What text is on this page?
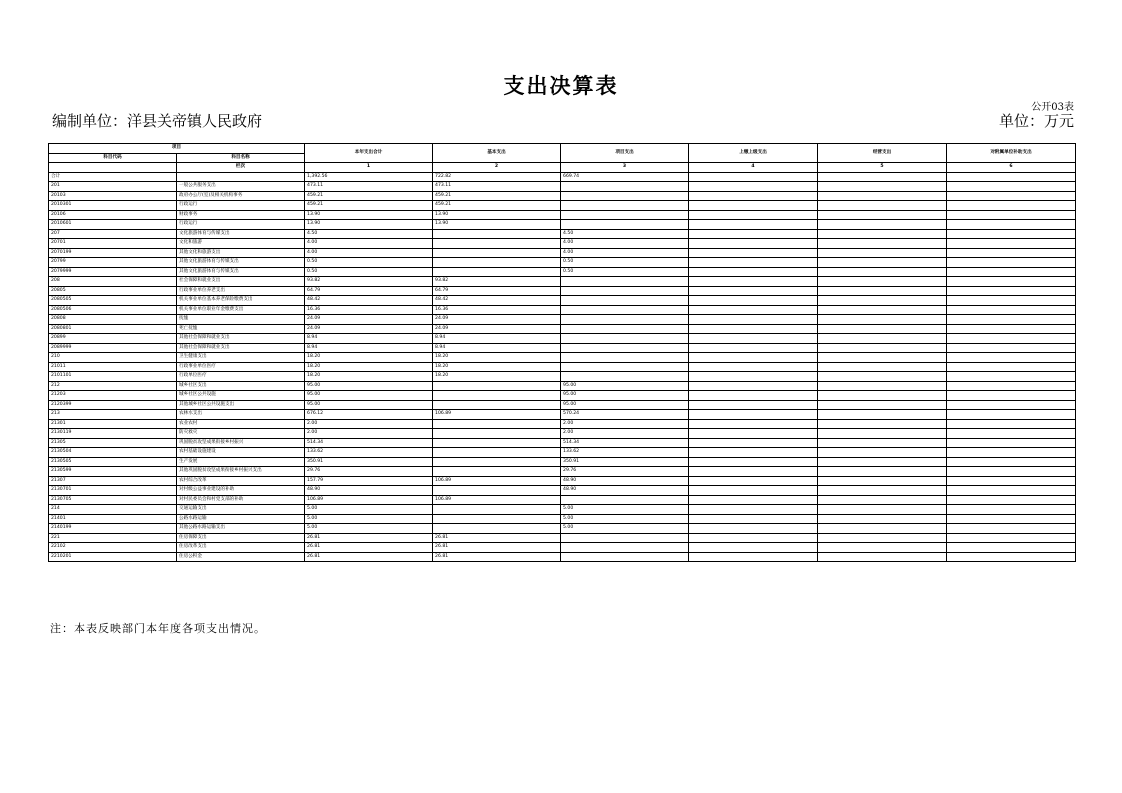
支出决算表
公开03表
编制单位：洋县关帝镇人民政府	单位：万元
项目		本年支出合计	基本支出	项目支出	上缴上级支出	经营支出	对附属单位补助支出
科目代码	科目名称						
	栏次	1	2	3	4	5	6
合计		1,392.56	722.82	669.74			
201	一般公共服务支出	473.11	473.11				
20103	政府办公厅(室)及相关机构事务	459.21	459.21				
2010301	行政运行	459.21	459.21				
20106	财政事务	13.90	13.90				
2010601	行政运行	13.90	13.90				
207	文化旅游体育与传媒支出	4.50		4.50			
20701	文化和旅游	4.00		4.00			
2070199	其他文化和旅游支出	4.00		4.00			
20799	其他文化旅游体育与传媒支出	0.50		0.50			
2079999	其他文化旅游体育与传媒支出	0.50		0.50			
208	社会保障和就业支出	93.82	93.82				
20805	行政事业单位养老支出	64.79	64.79				
2080505	机关事业单位基本养老保险缴费支出	48.42	48.42				
2080506	机关事业单位职业年金缴费支出	16.36	16.36				
20808	抚恤	24.09	24.09				
2080801	死亡抚恤	24.09	24.09				
20899	其他社会保障和就业支出	8.94	8.94				
2089999	其他社会保障和就业支出	8.94	8.94				
210	卫生健康支出	18.20	18.20				
21011	行政事业单位医疗	18.20	18.20				
2101101	行政单位医疗	18.20	18.20				
212	城乡社区支出	95.00		95.00			
21203	城乡社区公共设施	95.00		95.00			
2120399	其他城乡社区公共设施支出	95.00		95.00			
213	农林水支出	676.12	106.89	570.24			
21301	农业农村	2.00		2.00			
2130119	防灾救灾	2.00		2.00			
21305	巩固脱贫攻坚成果衔接乡村振兴	514.34		514.34			
2130504	农村基础设施建设	133.62		133.62			
2130505	生产发展	350.91		350.91			
2130599	其他巩固脱贫攻坚成果衔接乡村振兴支出	29.76		29.76			
21307	农村综合改革	157.79	106.89	48.90			
2130701	对村级公益事业建设的补助	48.90		48.90			
2130705	对村民委员会和村党支部的补助	106.89	106.89				
214	交通运输支出	5.00		5.00			
21401	公路水路运输	5.00		5.00			
2140199	其他公路水路运输支出	5.00		5.00			
221	住房保障支出	26.81	26.81				
22102	住房改革支出	26.81	26.81				
2210201	住房公积金	26.81	26.81				
注：本表反映部门本年度各项支出情况。
